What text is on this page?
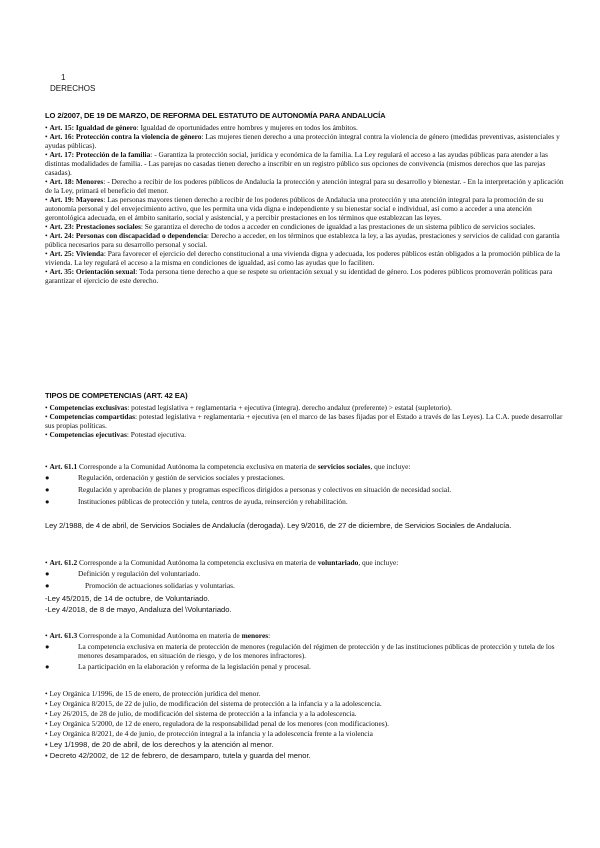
1
DERECHOS
LO 2/2007, DE 19 DE MARZO, DE REFORMA DEL ESTATUTO DE AUTONOMÍA PARA ANDALUCÍA
• Art. 15: Igualdad de género: Igualdad de oportunidades entre hombres y mujeres en todos los ámbitos.
• Art. 16: Protección contra la violencia de género: Las mujeres tienen derecho a una protección integral contra la violencia de género (medidas preventivas, asistenciales y ayudas públicas).
• Art. 17: Protección de la familia: - Garantiza la protección social, jurídica y económica de la familia. La Ley regulará el acceso a las ayudas públicas para atender a las distintas modalidades de familia. - Las parejas no casadas tienen derecho a inscribir en un registro público sus opciones de convivencia (mismos derechos que las parejas casadas).
• Art. 18: Menores: - Derecho a recibir de los poderes públicos de Andalucía la protección y atención integral para su desarrollo y bienestar. - En la interpretación y aplicación de la Ley, primará el beneficio del menor.
• Art. 19: Mayores: Las personas mayores tienen derecho a recibir de los poderes públicos de Andalucía una protección y una atención integral para la promoción de su autonomía personal y del envejecimiento activo, que les permita una vida digna e independiente y su bienestar social e individual, así como a acceder a una atención gerontológica adecuada, en el ámbito sanitario, social y asistencial, y a percibir prestaciones en los términos que establezcan las leyes.
• Art. 23: Prestaciones sociales: Se garantiza el derecho de todos a acceder en condiciones de igualdad a las prestaciones de un sistema público de servicios sociales.
• Art. 24: Personas con discapacidad o dependencia: Derecho a acceder, en los términos que establezca la ley, a las ayudas, prestaciones y servicios de calidad con garantía pública necesarios para su desarrollo personal y social.
• Art. 25: Vivienda: Para favorecer el ejercicio del derecho constitucional a una vivienda digna y adecuada, los poderes públicos están obligados a la promoción pública de la vivienda. La ley regulará el acceso a la misma en condiciones de igualdad, así como las ayudas que lo faciliten.
• Art. 35: Orientación sexual: Toda persona tiene derecho a que se respete su orientación sexual y su identidad de género. Los poderes públicos promoverán políticas para garantizar el ejercicio de este derecho.
TIPOS DE COMPETENCIAS (ART. 42 EA)
• Competencias exclusivas: potestad legislativa + reglamentaria + ejecutiva (íntegra). derecho andaluz (preferente) > estatal (supletorio).
• Competencias compartidas: potestad legislativa + reglamentaria + ejecutiva (en el marco de las bases fijadas por el Estado a través de las Leyes). La C.A. puede desarrollar sus propias políticas.
• Competencias ejecutivas: Potestad ejecutiva.
• Art. 61.1 Corresponde a la Comunidad Autónoma la competencia exclusiva en materia de servicios sociales, que incluye:
●	Regulación, ordenación y gestión de servicios sociales y prestaciones.
●	Regulación y aprobación de planes y programas específicos dirigidos a personas y colectivos en situación de necesidad social.
●	Instituciones públicas de protección y tutela, centros de ayuda, reinserción y rehabilitación.
Ley 2/1988, de 4 de abril, de Servicios Sociales de Andalucía (derogada). Ley 9/2016, de 27 de diciembre, de Servicios Sociales de Andalucía.
• Art. 61.2 Corresponde a la Comunidad Autónoma la competencia exclusiva en materia de voluntariado, que incluye:
●	Definición y regulación del voluntariado.
●	Promoción de actuaciones solidarias y voluntarias.
-Ley 45/2015, de 14 de octubre, de Voluntariado.
-Ley 4/2018, de 8 de mayo, Andaluza del \Voluntariado.
• Art. 61.3 Corresponde a la Comunidad Autónoma en materia de menores:
●	La competencia exclusiva en materia de protección de menores (regulación del régimen de protección y de las instituciones públicas de protección y tutela de los menores desamparados, en situación de riesgo, y de los menores infractores).
●	La participación en la elaboración y reforma de la legislación penal y procesal.
• Ley Orgánica 1/1996, de 15 de enero, de protección jurídica del menor.
• Ley Orgánica 8/2015, de 22 de julio, de modificación del sistema de protección a la infancia y a la adolescencia.
• Ley 26/2015, de 28 de julio, de modificación del sistema de protección a la infancia y a la adolescencia.
• Ley Orgánica 5/2000, de 12 de enero, reguladora de la responsabilidad penal de los menores (con modificaciones).
• Ley Orgánica 8/2021, de 4 de junio, de protección integral a la infancia y la adolescencia frente a la violencia
• Ley 1/1998, de 20 de abril, de los derechos y la atención al menor.
• Decreto 42/2002, de 12 de febrero, de desamparo, tutela y guarda del menor.
